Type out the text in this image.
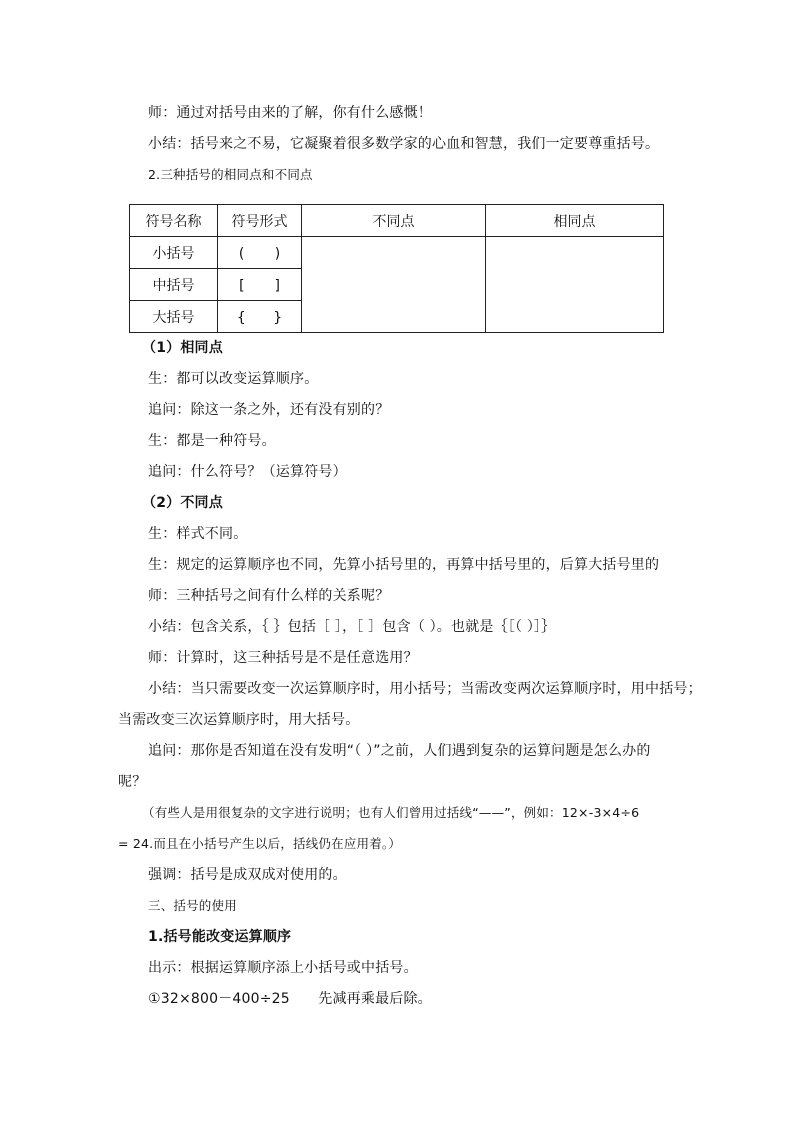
师：通过对括号由来的了解，你有什么感慨！
小结：括号来之不易，它凝聚着很多数学家的心血和智慧，我们一定要尊重括号。
2.三种括号的相同点和不同点
符号名称	符号形式	不同点	相同点
小括号	(　　)		
中括号	[　　]		
大括号	{　　}		
（1）相同点
生：都可以改变运算顺序。
追问：除这一条之外，还有没有别的？
生：都是一种符号。
追问：什么符号？（运算符号）
（2）不同点
生：样式不同。
生：规定的运算顺序也不同，先算小括号里的，再算中括号里的，后算大括号里的
师：三种括号之间有什么样的关系呢？
小结：包含关系，｛ ｝包括［ ］，［ ］包含（ ）。也就是｛［（ ）］｝
师：计算时，这三种括号是不是任意选用？
小结：当只需要改变一次运算顺序时，用小括号；当需改变两次运算顺序时，用中括号；
当需改变三次运算顺序时，用大括号。
追问：那你是否知道在没有发明“（ ）”之前，人们遇到复杂的运算问题是怎么办的
呢？
（有些人是用很复杂的文字进行说明；也有人们曾用过括线“——”，例如：12×-3×4÷6
= 24.而且在小括号产生以后，括线仍在应用着。）
强调：括号是成双成对使用的。
三、括号的使用
1.括号能改变运算顺序
出示：根据运算顺序添上小括号或中括号。
①32×800－400÷25　　先减再乘最后除。
